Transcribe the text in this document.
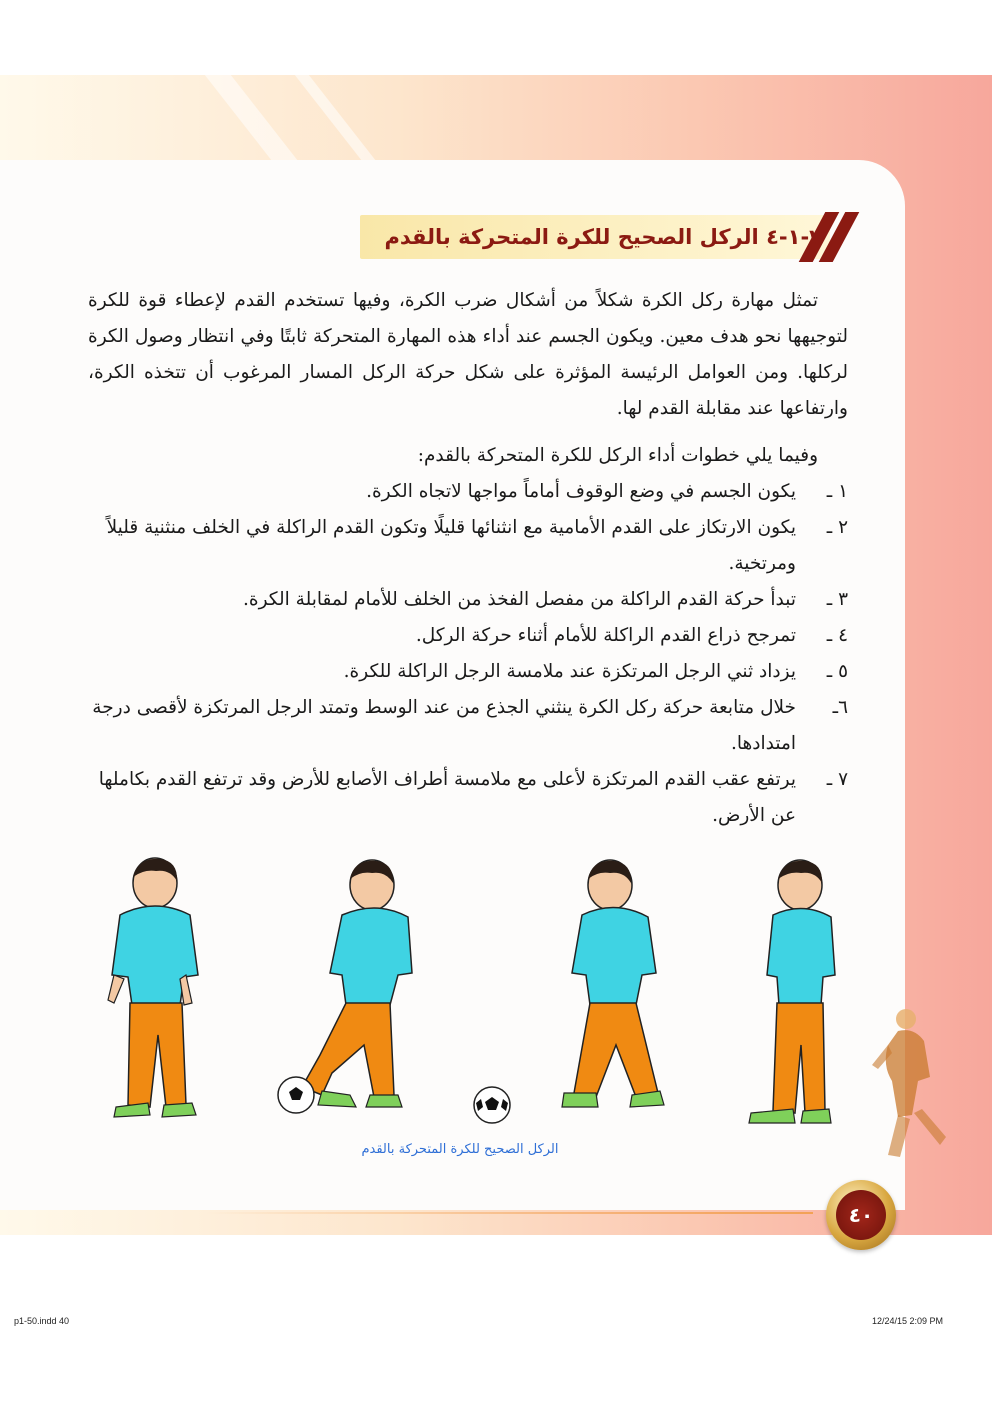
٢-١-٤ الركل الصحيح للكرة المتحركة بالقدم

تمثل مهارة ركل الكرة شكلاً من أشكال ضرب الكرة، وفيها تستخدم القدم لإعطاء قوة للكرة لتوجيهها نحو هدف معين. ويكون الجسم عند أداء هذه المهارة المتحركة ثابتًا وفي انتظار وصول الكرة لركلها. ومن العوامل الرئيسة المؤثرة على شكل حركة الركل المسار المرغوب أن تتخذه الكرة، وارتفاعها عند مقابلة القدم لها.

وفيما يلي خطوات أداء الركل للكرة المتحركة بالقدم:

١ ـ
يكون الجسم في وضع الوقوف أماماً مواجها لاتجاه الكرة.
٢ ـ
يكون الارتكاز على القدم الأمامية مع انثنائها قليلًا وتكون القدم الراكلة في الخلف منثنية قليلاً ومرتخية.
٣ ـ
تبدأ حركة القدم الراكلة من مفصل الفخذ من الخلف للأمام لمقابلة الكرة.
٤ ـ
تمرجح ذراع القدم الراكلة للأمام أثناء حركة الركل.
٥ ـ
يزداد ثني الرجل المرتكزة عند ملامسة الرجل الراكلة للكرة.
٦ـ
خلال متابعة حركة ركل الكرة ينثني الجذع من عند الوسط وتمتد الرجل المرتكزة لأقصى درجة امتدادها.
٧ ـ
يرتفع عقب القدم المرتكزة لأعلى مع ملامسة أطراف الأصابع للأرض وقد ترتفع القدم بكاملها عن الأرض.
الركل الصحيح للكرة المتحركة بالقدم
٤٠
p1-50.indd 40	12/24/15 2:09 PM
